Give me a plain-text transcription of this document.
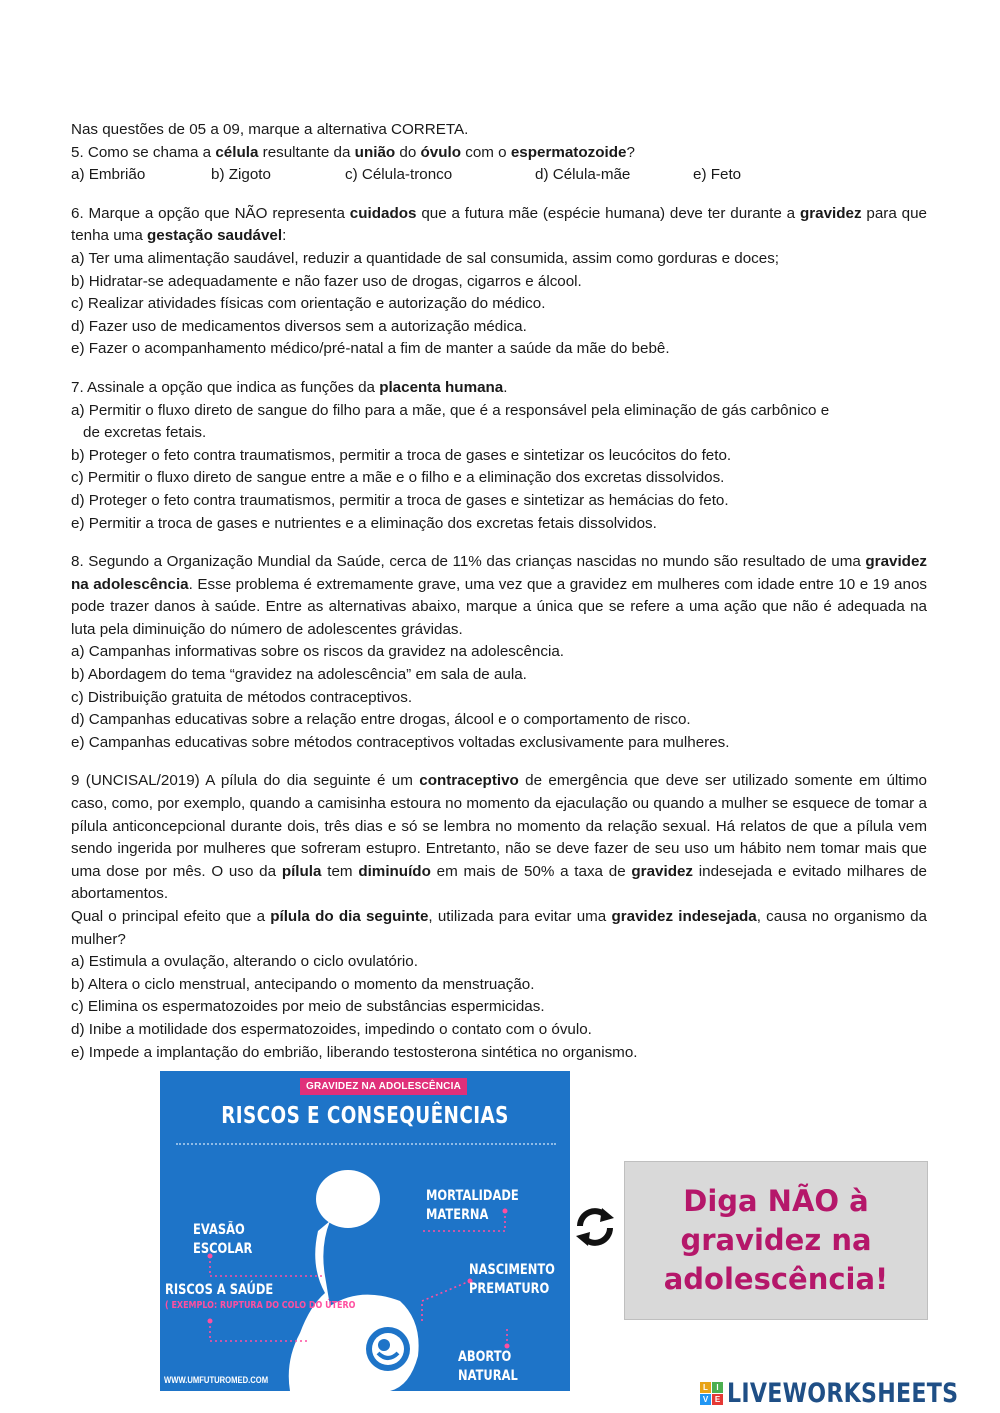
Nas questões de 05 a 09, marque a alternativa CORRETA.

5. Como se chama a célula resultante da união do óvulo com o espermatozoide?

a) Embrião	b) Zigoto	c) Célula-tronco	d) Célula-mãe	e) Feto

6. Marque a opção que NÃO representa cuidados que a futura mãe (espécie humana) deve ter durante a gravidez para que tenha uma gestação saudável:

a) Ter uma alimentação saudável, reduzir a quantidade de sal consumida, assim como gorduras e doces;

b) Hidratar-se adequadamente e não fazer uso de drogas, cigarros e álcool.

c) Realizar atividades físicas com orientação e autorização do médico.

d) Fazer uso de medicamentos diversos sem a autorização médica.

e) Fazer o acompanhamento médico/pré-natal a fim de manter a saúde da mãe do bebê.

7. Assinale a opção que indica as funções da placenta humana.

a) Permitir o fluxo direto de sangue do filho para a mãe, que é a responsável pela eliminação de gás carbônico e

de excretas fetais.

b) Proteger o feto contra traumatismos, permitir a troca de gases e sintetizar os leucócitos do feto.

c) Permitir o fluxo direto de sangue entre a mãe e o filho e a eliminação dos excretas dissolvidos.

d) Proteger o feto contra traumatismos, permitir a troca de gases e sintetizar as hemácias do feto.

e) Permitir a troca de gases e nutrientes e a eliminação dos excretas fetais dissolvidos.

8. Segundo a Organização Mundial da Saúde, cerca de 11% das crianças nascidas no mundo são resultado de uma gravidez na adolescência. Esse problema é extremamente grave, uma vez que a gravidez em mulheres com idade entre 10 e 19 anos pode trazer danos à saúde. Entre as alternativas abaixo, marque a única que se refere a uma ação que não é adequada na luta pela diminuição do número de adolescentes grávidas.

a) Campanhas informativas sobre os riscos da gravidez na adolescência.

b) Abordagem do tema “gravidez na adolescência” em sala de aula.

c) Distribuição gratuita de métodos contraceptivos.

d) Campanhas educativas sobre a relação entre drogas, álcool e o comportamento de risco.

e) Campanhas educativas sobre métodos contraceptivos voltadas exclusivamente para mulheres.

9 (UNCISAL/2019) A pílula do dia seguinte é um contraceptivo de emergência que deve ser utilizado somente em último caso, como, por exemplo, quando a camisinha estoura no momento da ejaculação ou quando a mulher se esquece de tomar a pílula anticoncepcional durante dois, três dias e só se lembra no momento da relação sexual. Há relatos de que a pílula vem sendo ingerida por mulheres que sofreram estupro. Entretanto, não se deve fazer de seu uso um hábito nem tomar mais que uma dose por mês. O uso da pílula tem diminuído em mais de 50% a taxa de gravidez indesejada e evitado milhares de abortamentos.

Qual o principal efeito que a pílula do dia seguinte, utilizada para evitar uma gravidez indesejada, causa no organismo da mulher?

a) Estimula a ovulação, alterando o ciclo ovulatório.

b) Altera o ciclo menstrual, antecipando o momento da menstruação.

c) Elimina os espermatozoides por meio de substâncias espermicidas.

d) Inibe a motilidade dos espermatozoides, impedindo o contato com o óvulo.

e) Impede a implantação do embrião, liberando testosterona sintética no organismo.

GRAVIDEZ NA ADOLESCÊNCIA
RISCOS E CONSEQUÊNCIAS
MORTALIDADE MATERNA
EVASÃO
ESCOLAR
NASCIMENTO
PREMATURO
RISCOS A SAÚDE
( EXEMPLO: RUPTURA DO COLO DO ÚTERO
ABORTO NATURAL
WWW.UMFUTUROMED.COM
Diga NÃO à
gravidez na
adolescência!
L	I
V E LIVEWORKSHEETS
